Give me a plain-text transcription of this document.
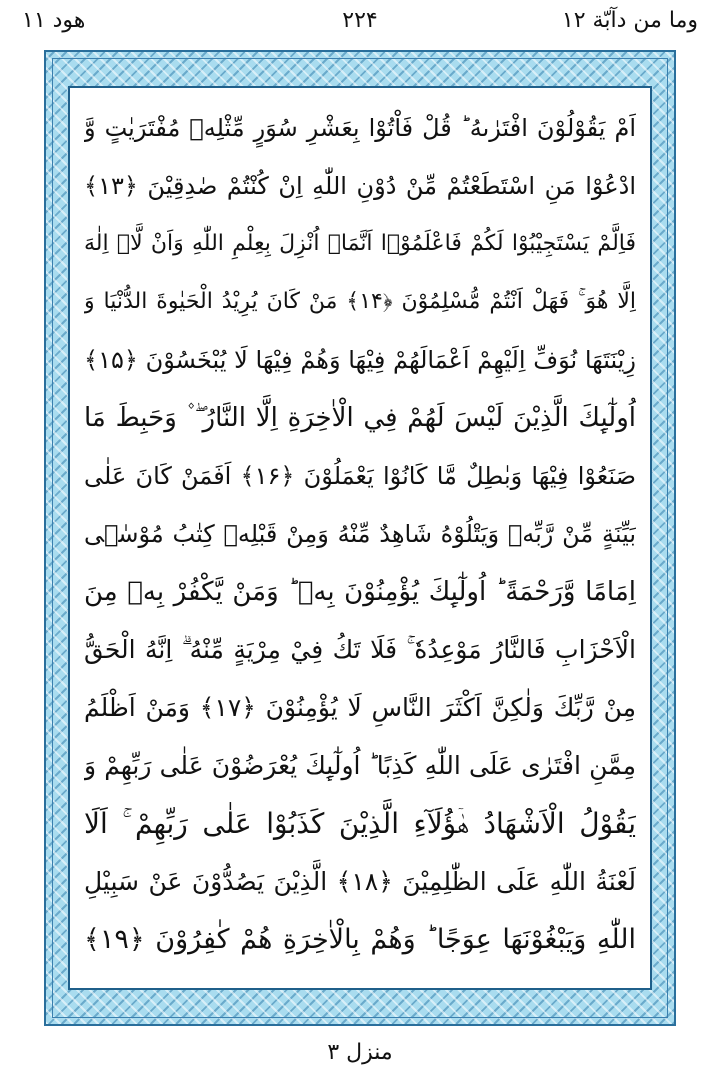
هود ۱۱	۲۲۴	وما من دآبّة ۱۲
اَمْ يَقُوْلُوْنَ افْتَرٰىهُ ؕ قُلْ فَاْتُوْا بِعَشْرِ سُوَرٍ مِّثْلِهٖ مُفْتَرَيٰتٍ وَّ
ادْعُوْا مَنِ اسْتَطَعْتُمْ مِّنْ دُوْنِ اللّٰهِ اِنْ كُنْتُمْ صٰدِقِيْنَ ﴿۱۳﴾
فَاِلَّمْ يَسْتَجِيْبُوْا لَكُمْ فَاعْلَمُوْۤا اَنَّمَاۤ اُنْزِلَ بِعِلْمِ اللّٰهِ وَاَنْ لَّاۤ اِلٰهَ
اِلَّا هُوَ ۚ فَهَلْ اَنْتُمْ مُّسْلِمُوْنَ ﴿۱۴﴾ مَنْ كَانَ يُرِيْدُ الْحَيٰوةَ الدُّنْيَا وَ
زِيْنَتَهَا نُوَفِّ اِلَيْهِمْ اَعْمَالَهُمْ فِيْهَا وَهُمْ فِيْهَا لَا يُبْخَسُوْنَ ﴿۱۵﴾
اُولٰٓىِٕكَ الَّذِيْنَ لَيْسَ لَهُمْ فِي الْاٰخِرَةِ اِلَّا النَّارُ ۖ ۫ وَحَبِطَ مَا
صَنَعُوْا فِيْهَا وَبٰطِلٌ مَّا كَانُوْا يَعْمَلُوْنَ ﴿۱۶﴾ اَفَمَنْ كَانَ عَلٰى
بَيِّنَةٍ مِّنْ رَّبِّهٖ وَيَتْلُوْهُ شَاهِدٌ مِّنْهُ وَمِنْ قَبْلِهٖ كِتٰبُ مُوْسٰۤى
اِمَامًا وَّرَحْمَةً ؕ اُولٰٓىِٕكَ يُؤْمِنُوْنَ بِهٖ ؕ وَمَنْ يَّكْفُرْ بِهٖ مِنَ
الْاَحْزَابِ فَالنَّارُ مَوْعِدُهٗ ۚ فَلَا تَكُ فِيْ مِرْيَةٍ مِّنْهُ ۗ اِنَّهُ الْحَقُّ
مِنْ رَّبِّكَ وَلٰكِنَّ اَكْثَرَ النَّاسِ لَا يُؤْمِنُوْنَ ﴿۱۷﴾ وَمَنْ اَظْلَمُ
مِمَّنِ افْتَرٰى عَلَى اللّٰهِ كَذِبًا ؕ اُولٰٓىِٕكَ يُعْرَضُوْنَ عَلٰى رَبِّهِمْ وَ
يَقُوْلُ الْاَشْهَادُ هٰۤؤُلَآءِ الَّذِيْنَ كَذَبُوْا عَلٰى رَبِّهِمْ ۚ اَلَا
لَعْنَةُ اللّٰهِ عَلَى الظّٰلِمِيْنَ ﴿۱۸﴾ الَّذِيْنَ يَصُدُّوْنَ عَنْ سَبِيْلِ
اللّٰهِ وَيَبْغُوْنَهَا عِوَجًا ؕ وَهُمْ بِالْاٰخِرَةِ هُمْ كٰفِرُوْنَ ﴿۱۹﴾
منزل ۳
